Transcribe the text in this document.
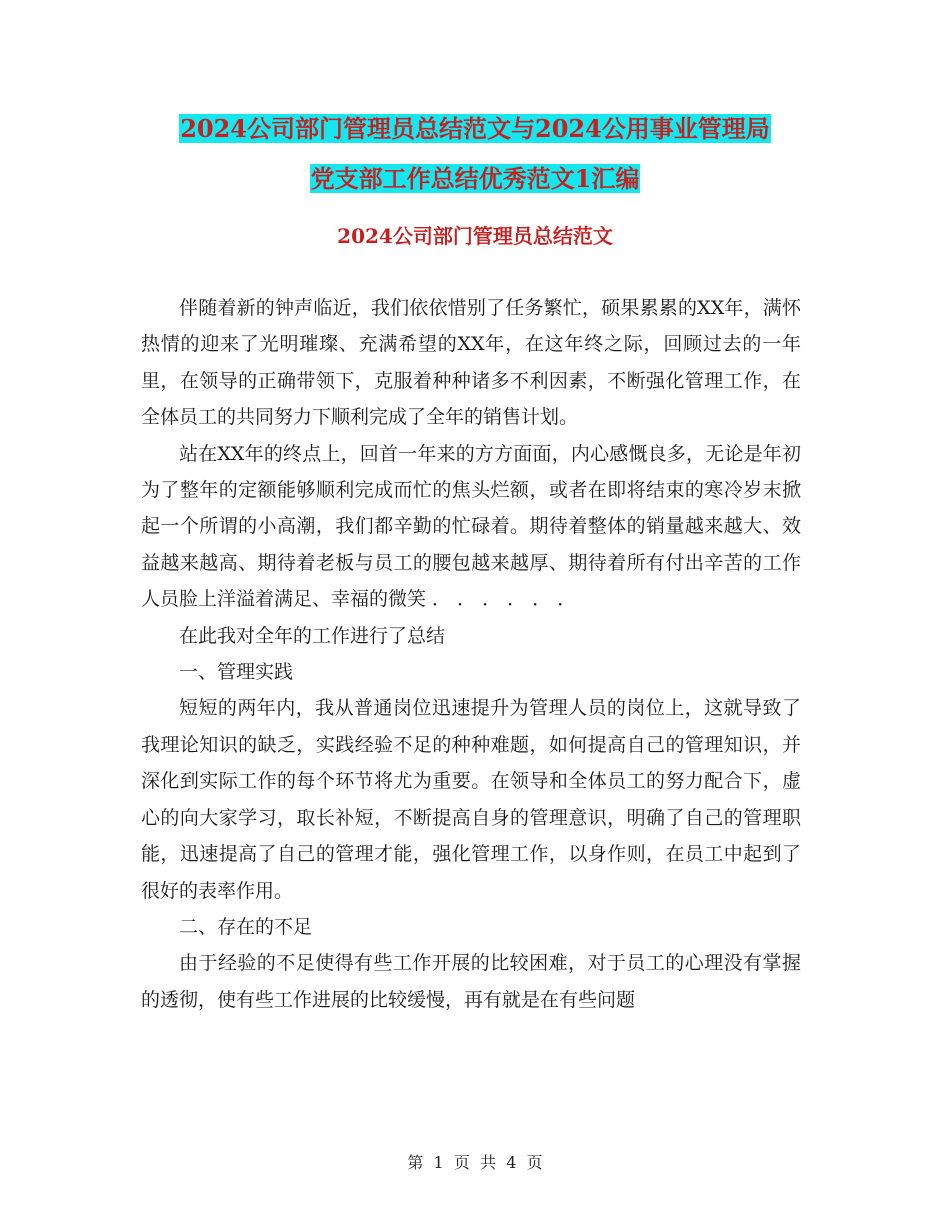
2024公司部门管理员总结范文与2024公用事业管理局
党支部工作总结优秀范文1汇编
2024公司部门管理员总结范文

伴随着新的钟声临近，我们依依惜别了任务繁忙，硕果累累的XX年，满怀热情的迎来了光明璀璨、充满希望的XX年，在这年终之际，回顾过去的一年里，在领导的正确带领下，克服着种种诸多不利因素，不断强化管理工作，在全体员工的共同努力下顺利完成了全年的销售计划。

站在XX年的终点上，回首一年来的方方面面，内心感慨良多，无论是年初为了整年的定额能够顺利完成而忙的焦头烂额，或者在即将结束的寒冷岁末掀起一个所谓的小高潮，我们都辛勤的忙碌着。期待着整体的销量越来越大、效益越来越高、期待着老板与员工的腰包越来越厚、期待着所有付出辛苦的工作人员脸上洋溢着满足、幸福的微笑 ． ． ． ． ． ．

在此我对全年的工作进行了总结

一、管理实践

短短的两年内，我从普通岗位迅速提升为管理人员的岗位上，这就导致了我理论知识的缺乏，实践经验不足的种种难题，如何提高自己的管理知识，并深化到实际工作的每个环节将尤为重要。在领导和全体员工的努力配合下，虚心的向大家学习，取长补短，不断提高自身的管理意识，明确了自己的管理职能，迅速提高了自己的管理才能，强化管理工作，以身作则，在员工中起到了很好的表率作用。

二、存在的不足

由于经验的不足使得有些工作开展的比较困难，对于员工的心理没有掌握的透彻，使有些工作进展的比较缓慢，再有就是在有些问题

第  1  页  共  4  页
